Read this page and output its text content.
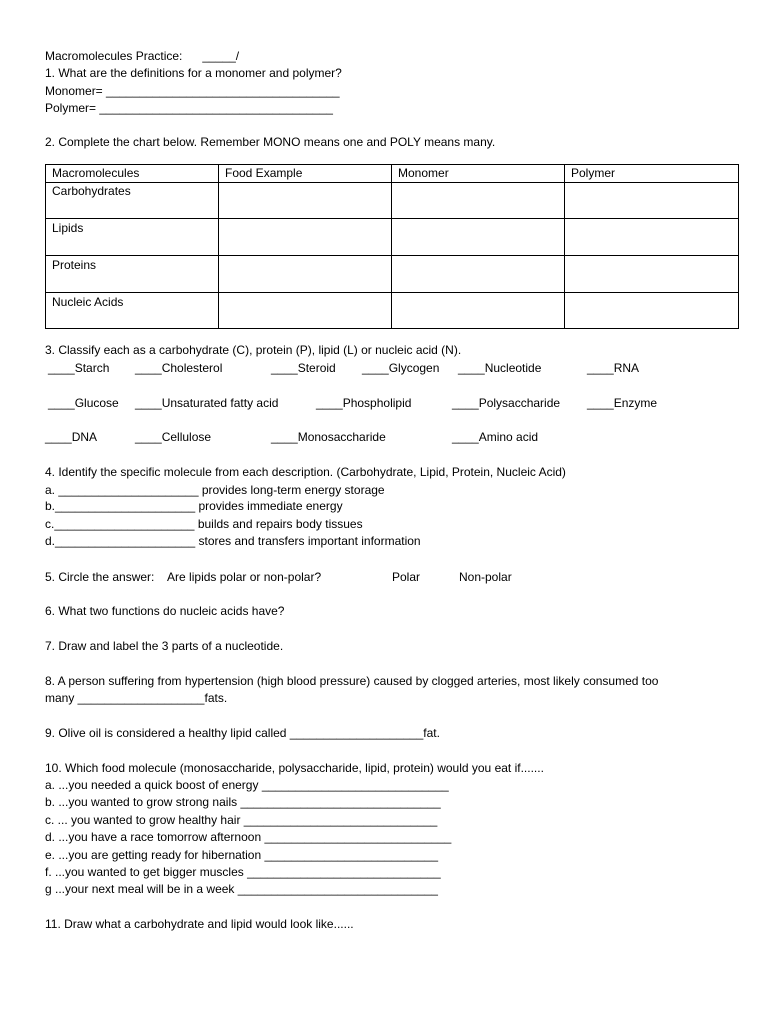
Macromolecules Practice:      _____/
1. What are the definitions for a monomer and polymer?
Monomer= ___________________________________
Polymer= ___________________________________
2. Complete the chart below. Remember MONO means one and POLY means many.
Macromolecules	Food Example	Monomer	Polymer
Carbohydrates			
Lipids			
Proteins			
Nucleic Acids			
3. Classify each as a carbohydrate (C), protein (P), lipid (L) or nucleic acid (N).
____Starch ____Cholesterol	____Steroid ____Glycogen ____Nucleotide	____RNA
____Glucose ____Unsaturated fatty acid	____Phospholipid	____Polysaccharide ____Enzyme
____DNA	____Cellulose	____Monosaccharide	____Amino acid
4. Identify the specific molecule from each description. (Carbohydrate, Lipid, Protein, Nucleic Acid)
a. _____________________ provides long-term energy storage
b._____________________ provides immediate energy
c._____________________ builds and repairs body tissues
d._____________________ stores and transfers important information
5. Circle the answer:    Are lipids polar or non-polar?	Polar	Non-polar
6. What two functions do nucleic acids have?
7. Draw and label the 3 parts of a nucleotide.
8. A person suffering from hypertension (high blood pressure) caused by clogged arteries, most likely consumed too
many ___________________fats.
9. Olive oil is considered a healthy lipid called ____________________fat.
10. Which food molecule (monosaccharide, polysaccharide, lipid, protein) would you eat if.......
a. ...you needed a quick boost of energy ____________________________
b. ...you wanted to grow strong nails ______________________________
c. ... you wanted to grow healthy hair _____________________________
d. ...you have a race tomorrow afternoon ____________________________
e. ...you are getting ready for hibernation __________________________
f. ...you wanted to get bigger muscles _____________________________
g ...your next meal will be in a week ______________________________
11. Draw what a carbohydrate and lipid would look like......
